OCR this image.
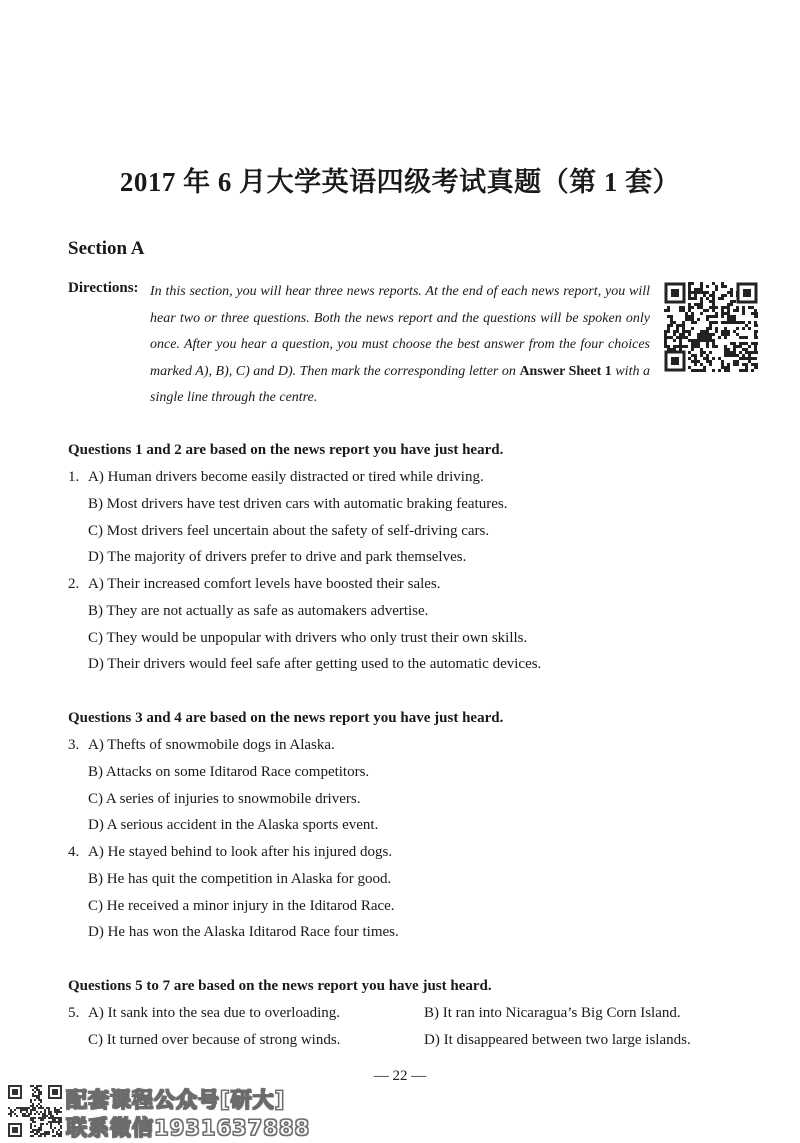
2017 年 6 月大学英语四级考试真题（第 1 套）
Section A
Directions: In this section, you will hear three news reports. At the end of each news report, you will hear two or three questions. Both the news report and the questions will be spoken only once. After you hear a question, you must choose the best answer from the four choices marked A), B), C) and D). Then mark the corresponding letter on Answer Sheet 1 with a single line through the centre.
Questions 1 and 2 are based on the news report you have just heard.
1. A) Human drivers become easily distracted or tired while driving.
B) Most drivers have test driven cars with automatic braking features.
C) Most drivers feel uncertain about the safety of self-driving cars.
D) The majority of drivers prefer to drive and park themselves.
2. A) Their increased comfort levels have boosted their sales.
B) They are not actually as safe as automakers advertise.
C) They would be unpopular with drivers who only trust their own skills.
D) Their drivers would feel safe after getting used to the automatic devices.
Questions 3 and 4 are based on the news report you have just heard.
3. A) Thefts of snowmobile dogs in Alaska.
B) Attacks on some Iditarod Race competitors.
C) A series of injuries to snowmobile drivers.
D) A serious accident in the Alaska sports event.
4. A) He stayed behind to look after his injured dogs.
B) He has quit the competition in Alaska for good.
C) He received a minor injury in the Iditarod Race.
D) He has won the Alaska Iditarod Race four times.
Questions 5 to 7 are based on the news report you have just heard.
5. A) It sank into the sea due to overloading.	B) It ran into Nicaragua’s Big Corn Island.
C) It turned over because of strong winds.	D) It disappeared between two large islands.
— 22 —
配套课程公众号[研大]
联系微信1931637888
